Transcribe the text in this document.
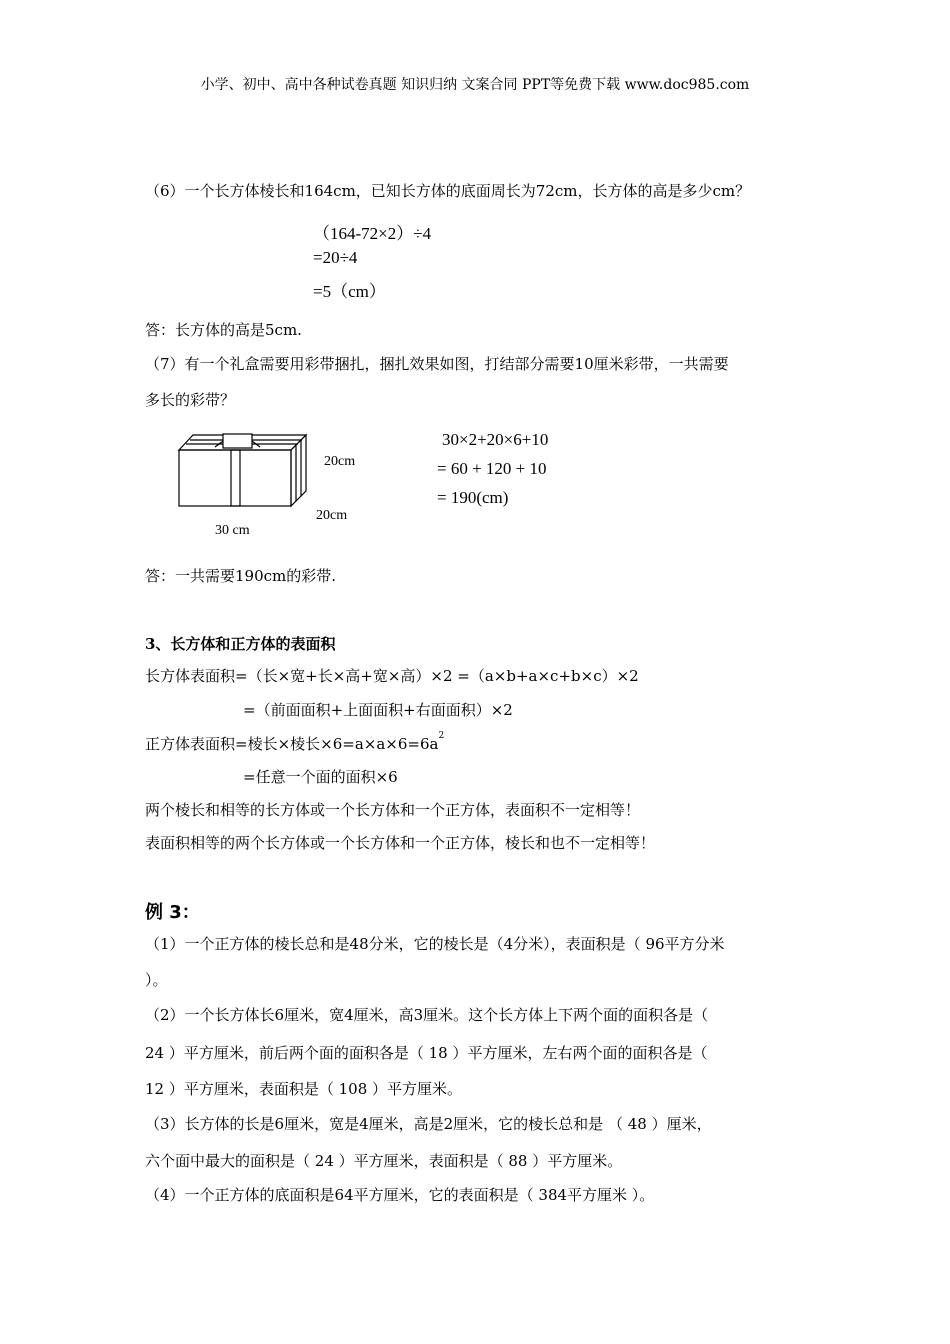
小学、初中、高中各种试卷真题 知识归纳 文案合同 PPT等免费下载 www.doc985.com
（6）一个长方体棱长和164cm，已知长方体的底面周长为72cm，长方体的高是多少cm？
（164-72×2）÷4
=20÷4
=5（cm）
答：长方体的高是5cm.
（7）有一个礼盒需要用彩带捆扎，捆扎效果如图，打结部分需要10厘米彩带，一共需要
多长的彩带？
20cm
20cm
30 cm
30×2+20×6+10
= 60 + 120 + 10
= 190(cm)
答：一共需要190cm的彩带.
3、长方体和正方体的表面积
长方体表面积=（长×宽+长×高+宽×高）×2 =（a×b+a×c+b×c）×2
=（前面面积+上面面积+右面面积）×2
正方体表面积=棱长×棱长$\times 6=a\times a\times 6=6a^2$
=任意一个面的面积×6
两个棱长和相等的长方体或一个长方体和一个正方体，表面积不一定相等！
表面积相等的两个长方体或一个长方体和一个正方体，棱长和也不一定相等！
例 3：
（1）一个正方体的棱长总和是48分米，它的棱长是（4分米），表面积是（ 96平方分米
）。
（2）一个长方体长6厘米，宽4厘米，高3厘米。这个长方体上下两个面的面积各是（
24 ）平方厘米，前后两个面的面积各是（ 18 ）平方厘米，左右两个面的面积各是（
12 ）平方厘米，表面积是（ 108 ）平方厘米。
（3）长方体的长是6厘米，宽是4厘米，高是2厘米，它的棱长总和是 （ 48 ）厘米，
六个面中最大的面积是（ 24 ）平方厘米，表面积是（ 88 ）平方厘米。
（4）一个正方体的底面积是64平方厘米，它的表面积是（ 384平方厘米 ）。
